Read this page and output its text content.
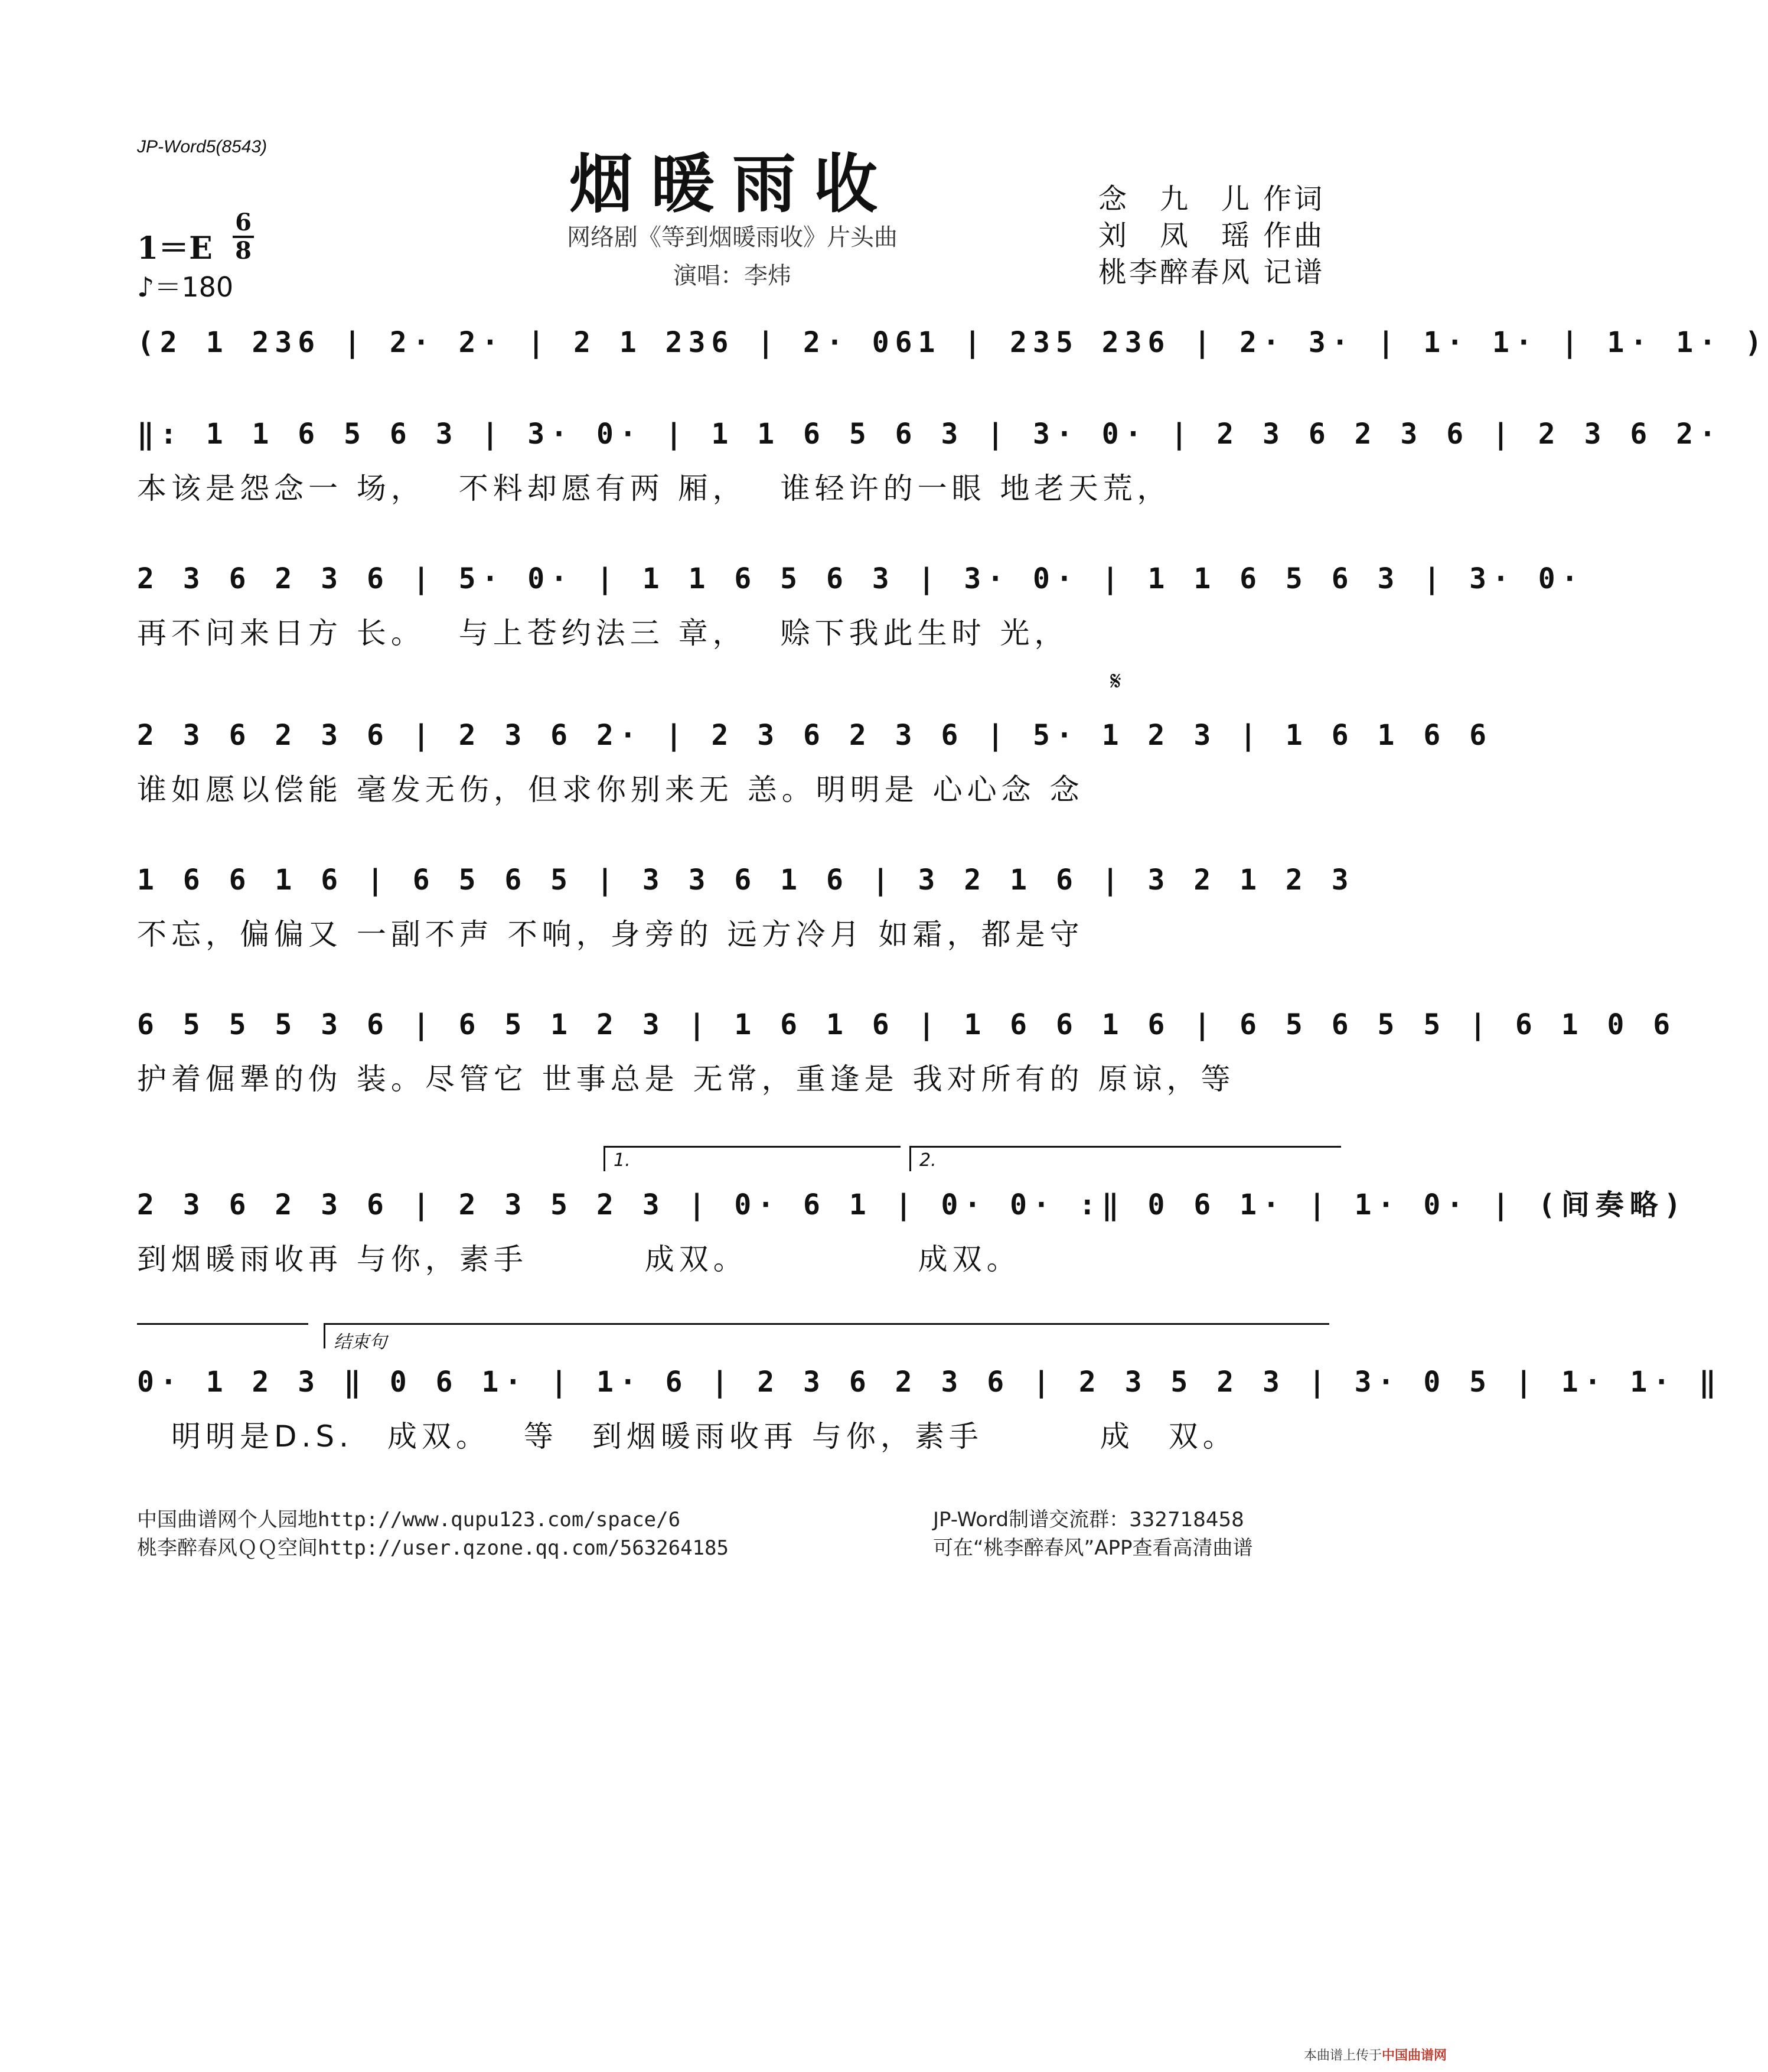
JP-Word5(8543)
烟暖雨收
网络剧《等到烟暖雨收》片头曲
演唱：李炜
念　九　儿 作词
刘　凤　瑶 作曲
桃李醉春风 记谱
1＝E
6
8
♪＝180
(2 1 236 | 2· 2· | 2 1 236 | 2· 061 | 235 236 | 2· 3· | 1· 1· | 1· 1· )
‖: 1 1 6 5 6 3 | 3· 0· | 1 1 6 5 6 3 | 3· 0· | 2 3 6 2 3 6 | 2 3 6 2·
本该是怨念一 场，　 不料却愿有两 厢，　 谁轻许的一眼 地老天荒，
2 3 6 2 3 6 | 5· 0· | 1 1 6 5 6 3 | 3· 0· | 1 1 6 5 6 3 | 3· 0·
再不问来日方 长。　 与上苍约法三 章，　 赊下我此生时 光，
𝄋
2 3 6 2 3 6 | 2 3 6 2· | 2 3 6 2 3 6 | 5· 1 2 3 | 1 6 1 6 6
谁如愿以偿能 毫发无伤，但求你别来无 恙。明明是 心心念 念
1 6 6 1 6 | 6 5 6 5 | 3 3 6 1 6 | 3 2 1 6 | 3 2 1 2 3
不忘，偏偏又 一副不声 不响，身旁的 远方冷月 如霜，都是守
6 5 5 5 3 6 | 6 5 1 2 3 | 1 6 1 6 | 1 6 6 1 6 | 6 5 6 5 5 | 6 1 0 6
护着倔犟的伪 装。尽管它 世事总是 无常，重逢是 我对所有的 原谅，等
1.	2.
2 3 6 2 3 6 | 2 3 5 2 3 | 0· 6 1 | 0· 0· :‖ 0 6 1· | 1· 0· | (间奏略)
到烟暖雨收再 与你，素手　　　 成双。　　　　　 成双。
结束句
0· 1 2 3 ‖ 0 6 1· | 1· 6 | 2 3 6 2 3 6 | 2 3 5 2 3 | 3· 0 5 | 1· 1· ‖
　明明是D.S.　成双。　 等　到烟暖雨收再 与你，素手　　　 成　双。
中国曲谱网个人园地http://www.qupu123.com/space/6
桃李醉春风ＱＱ空间http://user.qzone.qq.com/563264185
JP-Word制谱交流群：332718458
可在“桃李醉春风”APP查看高清曲谱
本曲谱上传于中国曲谱网
